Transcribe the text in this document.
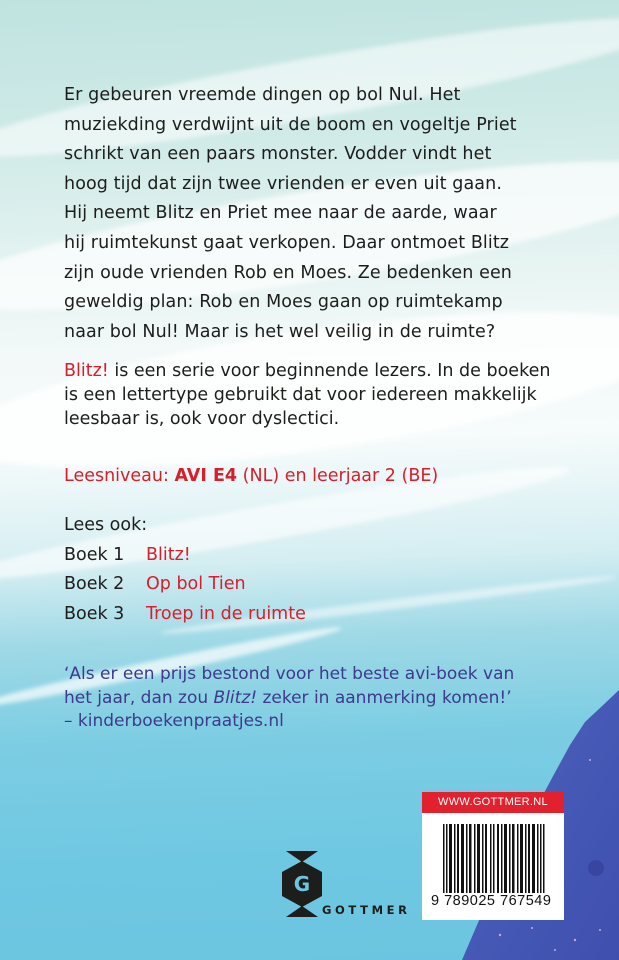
Er gebeuren vreemde dingen op bol Nul. Het
muziekding verdwijnt uit de boom en vogeltje Priet
schrikt van een paars monster. Vodder vindt het
hoog tijd dat zijn twee vrienden er even uit gaan.
Hij neemt Blitz en Priet mee naar de aarde, waar
hij ruimtekunst gaat verkopen. Daar ontmoet Blitz
zijn oude vrienden Rob en Moes. Ze bedenken een
geweldig plan: Rob en Moes gaan op ruimtekamp
naar bol Nul! Maar is het wel veilig in de ruimte?
Blitz! is een serie voor beginnende lezers. In de boeken
is een lettertype gebruikt dat voor iedereen makkelijk
leesbaar is, ook voor dyslectici.
Leesniveau: AVI E4 (NL) en leerjaar 2 (BE)
Lees ook:
Boek 1	Blitz!
Boek 2	Op bol Tien
Boek 3	Troep in de ruimte
‘Als er een prijs bestond voor het beste avi-boek van
het jaar, dan zou Blitz! zeker in aanmerking komen!’
– kinderboekenpraatjes.nl
G
GOTTMER
WWW.GOTTMER.NL
9 789025 767549
